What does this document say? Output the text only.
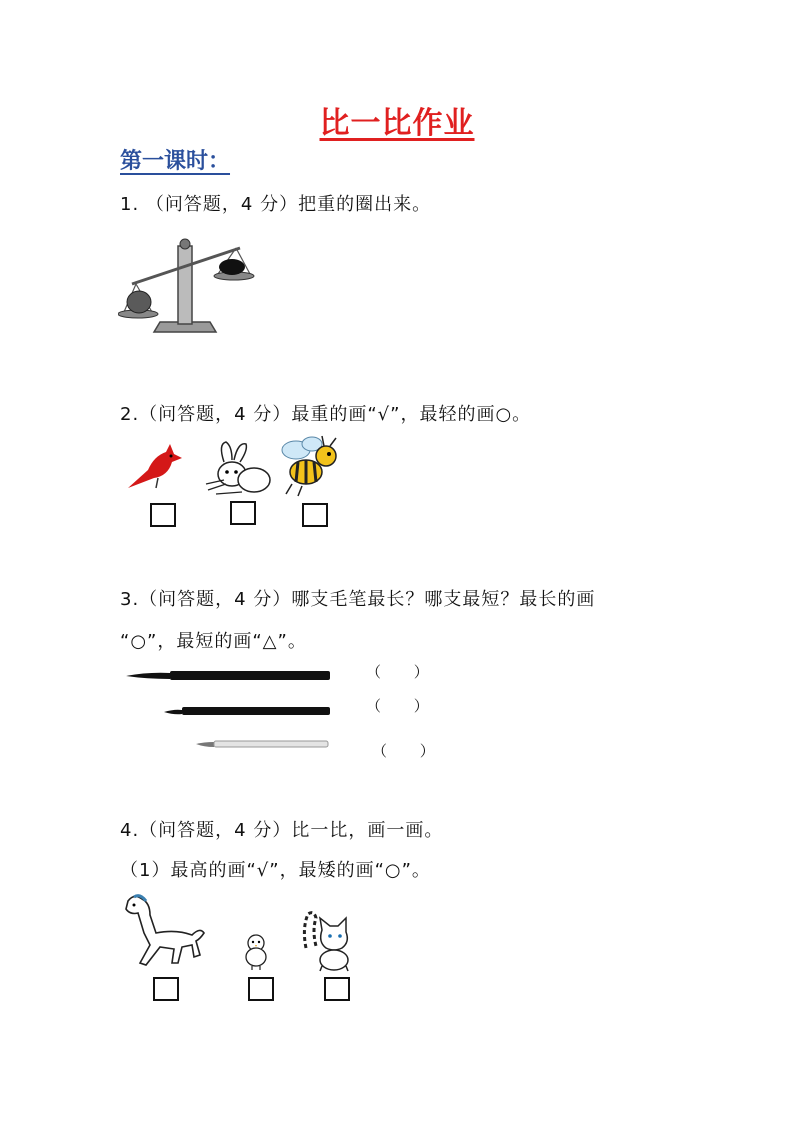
比一比作业
第一课时：
1. （问答题，4 分）把重的圈出来。
2.（问答题，4 分）最重的画“√”，最轻的画○。
3.（问答题，4 分）哪支毛笔最长？哪支最短？最长的画
“○”，最短的画“△”。
（ ）
（ ）
（ ）
4.（问答题，4 分）比一比，画一画。
（1）最高的画“√”，最矮的画“○”。
